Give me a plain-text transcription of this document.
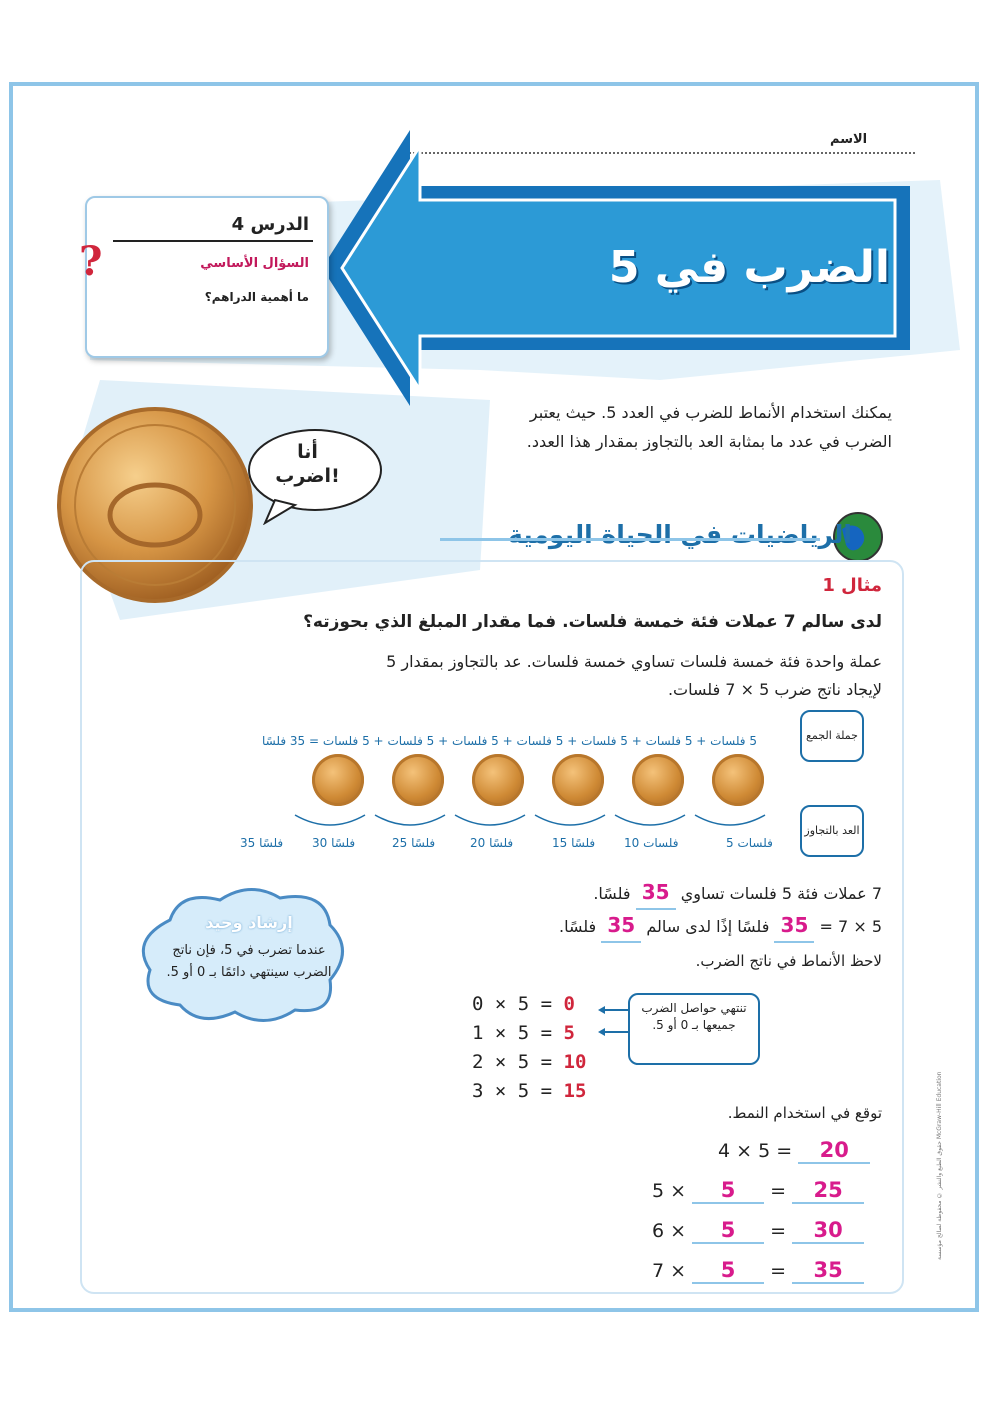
الاسم
الضرب في 5
الدرس 4
السؤال الأساسي
ما أهمية الدراهم؟
?
يمكنك استخدام الأنماط للضرب في العدد 5. حيث يعتبر الضرب في عدد ما بمثابة العد بالتجاوز بمقدار هذا العدد.
أنا
اضرب!
الرياضيات في الحياة اليومية
مثال 1
لدى سالم 7 عملات فئة خمسة فلسات. فما مقدار المبلغ الذي بحوزته؟
عملة واحدة فئة خمسة فلسات تساوي خمسة فلسات. عد بالتجاوز بمقدار 5
لإيجاد ناتج ضرب 5 × 7 فلسات.
جملة الجمع
5 فلسات + 5 فلسات + 5 فلسات + 5 فلسات + 5 فلسات + 5 فلسات + 5 فلسات = 35 فلسًا
العد بالتجاوز
5 فلسات
10 فلسات
15 فلسًا
20 فلسًا
25 فلسًا
30 فلسًا
35 فلسًا
7 عملات فئة 5 فلسات تساوي 35 فلسًا.
5 × 7 = 35 فلسًا إذًا لدى سالم 35 فلسًا.
إرشاد وحيد
عندما تضرب في 5، فإن ناتج الضرب سينتهي دائمًا بـ 0 أو 5.
لاحظ الأنماط في ناتج الضرب.
0 × 5 = 0
1 × 5 = 5
2 × 5 = 10
3 × 5 = 15
تنتهي حواصل الضرب جميعها بـ 0 أو 5.
توقع في استخدام النمط.
4 × 5 = 20
5 × 5 = 25
6 × 5 = 30
7 × 5 = 35
حقوق الطبع والنشر © محفوظة لصالح مؤسسة McGraw-Hill Education
